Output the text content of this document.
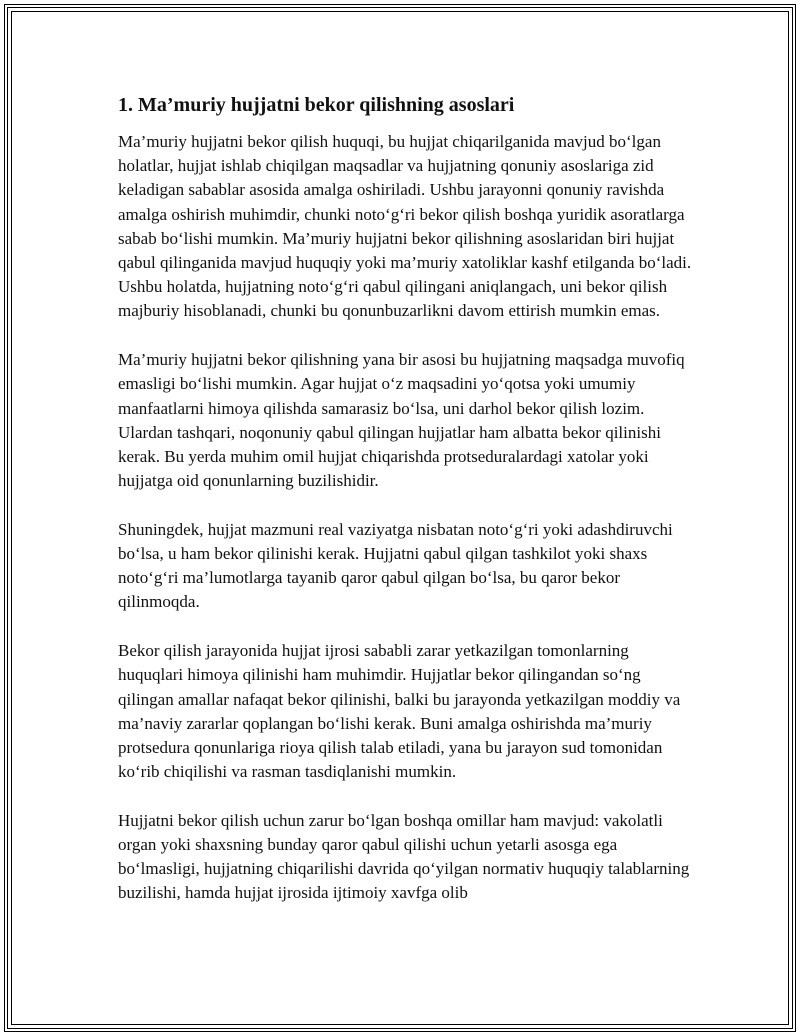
1. Ma’muriy hujjatni bekor qilishning asoslari

Ma’muriy hujjatni bekor qilish huquqi, bu hujjat chiqarilganida mavjud bo‘lgan holatlar, hujjat ishlab chiqilgan maqsadlar va hujjatning qonuniy asoslariga zid keladigan sabablar asosida amalga oshiriladi. Ushbu jarayonni qonuniy ravishda amalga oshirish muhimdir, chunki noto‘g‘ri bekor qilish boshqa yuridik asoratlarga sabab bo‘lishi mumkin. Ma’muriy hujjatni bekor qilishning asoslaridan biri hujjat qabul qilinganida mavjud huquqiy yoki ma’muriy xatoliklar kashf etilganda bo‘ladi. Ushbu holatda, hujjatning noto‘g‘ri qabul qilingani aniqlangach, uni bekor qilish majburiy hisoblanadi, chunki bu qonunbuzarlikni davom ettirish mumkin emas.

Ma’muriy hujjatni bekor qilishning yana bir asosi bu hujjatning maqsadga muvofiq emasligi bo‘lishi mumkin. Agar hujjat o‘z maqsadini yo‘qotsa yoki umumiy manfaatlarni himoya qilishda samarasiz bo‘lsa, uni darhol bekor qilish lozim. Ulardan tashqari, noqonuniy qabul qilingan hujjatlar ham albatta bekor qilinishi kerak. Bu yerda muhim omil hujjat chiqarishda protseduralardagi xatolar yoki hujjatga oid qonunlarning buzilishidir.

Shuningdek, hujjat mazmuni real vaziyatga nisbatan noto‘g‘ri yoki adashdiruvchi bo‘lsa, u ham bekor qilinishi kerak. Hujjatni qabul qilgan tashkilot yoki shaxs noto‘g‘ri ma’lumotlarga tayanib qaror qabul qilgan bo‘lsa, bu qaror bekor qilinmoqda.

Bekor qilish jarayonida hujjat ijrosi sababli zarar yetkazilgan tomonlarning huquqlari himoya qilinishi ham muhimdir. Hujjatlar bekor qilingandan so‘ng qilingan amallar nafaqat bekor qilinishi, balki bu jarayonda yetkazilgan moddiy va ma’naviy zararlar qoplangan bo‘lishi kerak. Buni amalga oshirishda ma’muriy protsedura qonunlariga rioya qilish talab etiladi, yana bu jarayon sud tomonidan ko‘rib chiqilishi va rasman tasdiqlanishi mumkin.

Hujjatni bekor qilish uchun zarur bo‘lgan boshqa omillar ham mavjud: vakolatli organ yoki shaxsning bunday qaror qabul qilishi uchun yetarli asosga ega bo‘lmasligi, hujjatning chiqarilishi davrida qo‘yilgan normativ huquqiy talablarning buzilishi, hamda hujjat ijrosida ijtimoiy xavfga olib
